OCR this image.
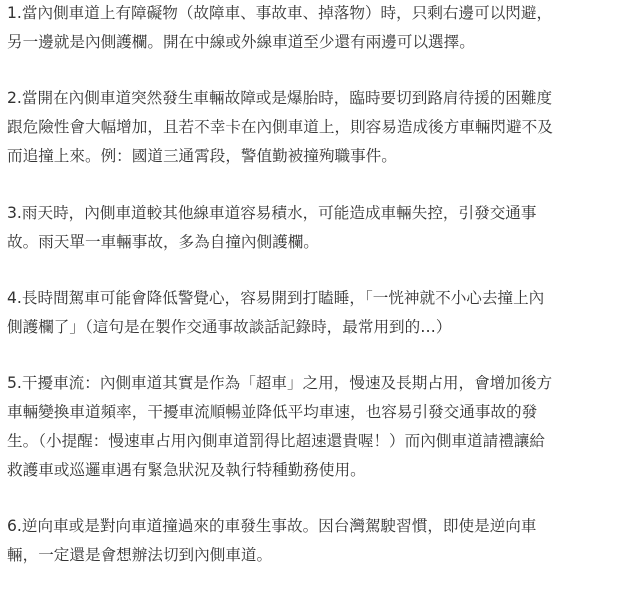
1.當內側車道上有障礙物（故障車、事故車、掉落物）時，只剩右邊可以閃避，
另一邊就是內側護欄。開在中線或外線車道至少還有兩邊可以選擇。
2.當開在內側車道突然發生車輛故障或是爆胎時，臨時要切到路肩待援的困難度
跟危險性會大幅增加，且若不幸卡在內側車道上，則容易造成後方車輛閃避不及
而追撞上來。例：國道三通霄段，警值勤被撞殉職事件。
3.雨天時，內側車道較其他線車道容易積水，可能造成車輛失控，引發交通事
故。雨天單一車輛事故，多為自撞內側護欄。
4.長時間駕車可能會降低警覺心，容易開到打瞌睡，「一恍神就不小心去撞上內
側護欄了」（這句是在製作交通事故談話記錄時，最常用到的…）
5.干擾車流：內側車道其實是作為「超車」之用，慢速及長期占用，會增加後方
車輛變換車道頻率，干擾車流順暢並降低平均車速，也容易引發交通事故的發
生。（小提醒：慢速車占用內側車道罰得比超速還貴喔！）而內側車道請禮讓給
救護車或巡邏車遇有緊急狀況及執行特種勤務使用。
6.逆向車或是對向車道撞過來的車發生事故。因台灣駕駛習慣，即使是逆向車
輛，一定還是會想辦法切到內側車道。
